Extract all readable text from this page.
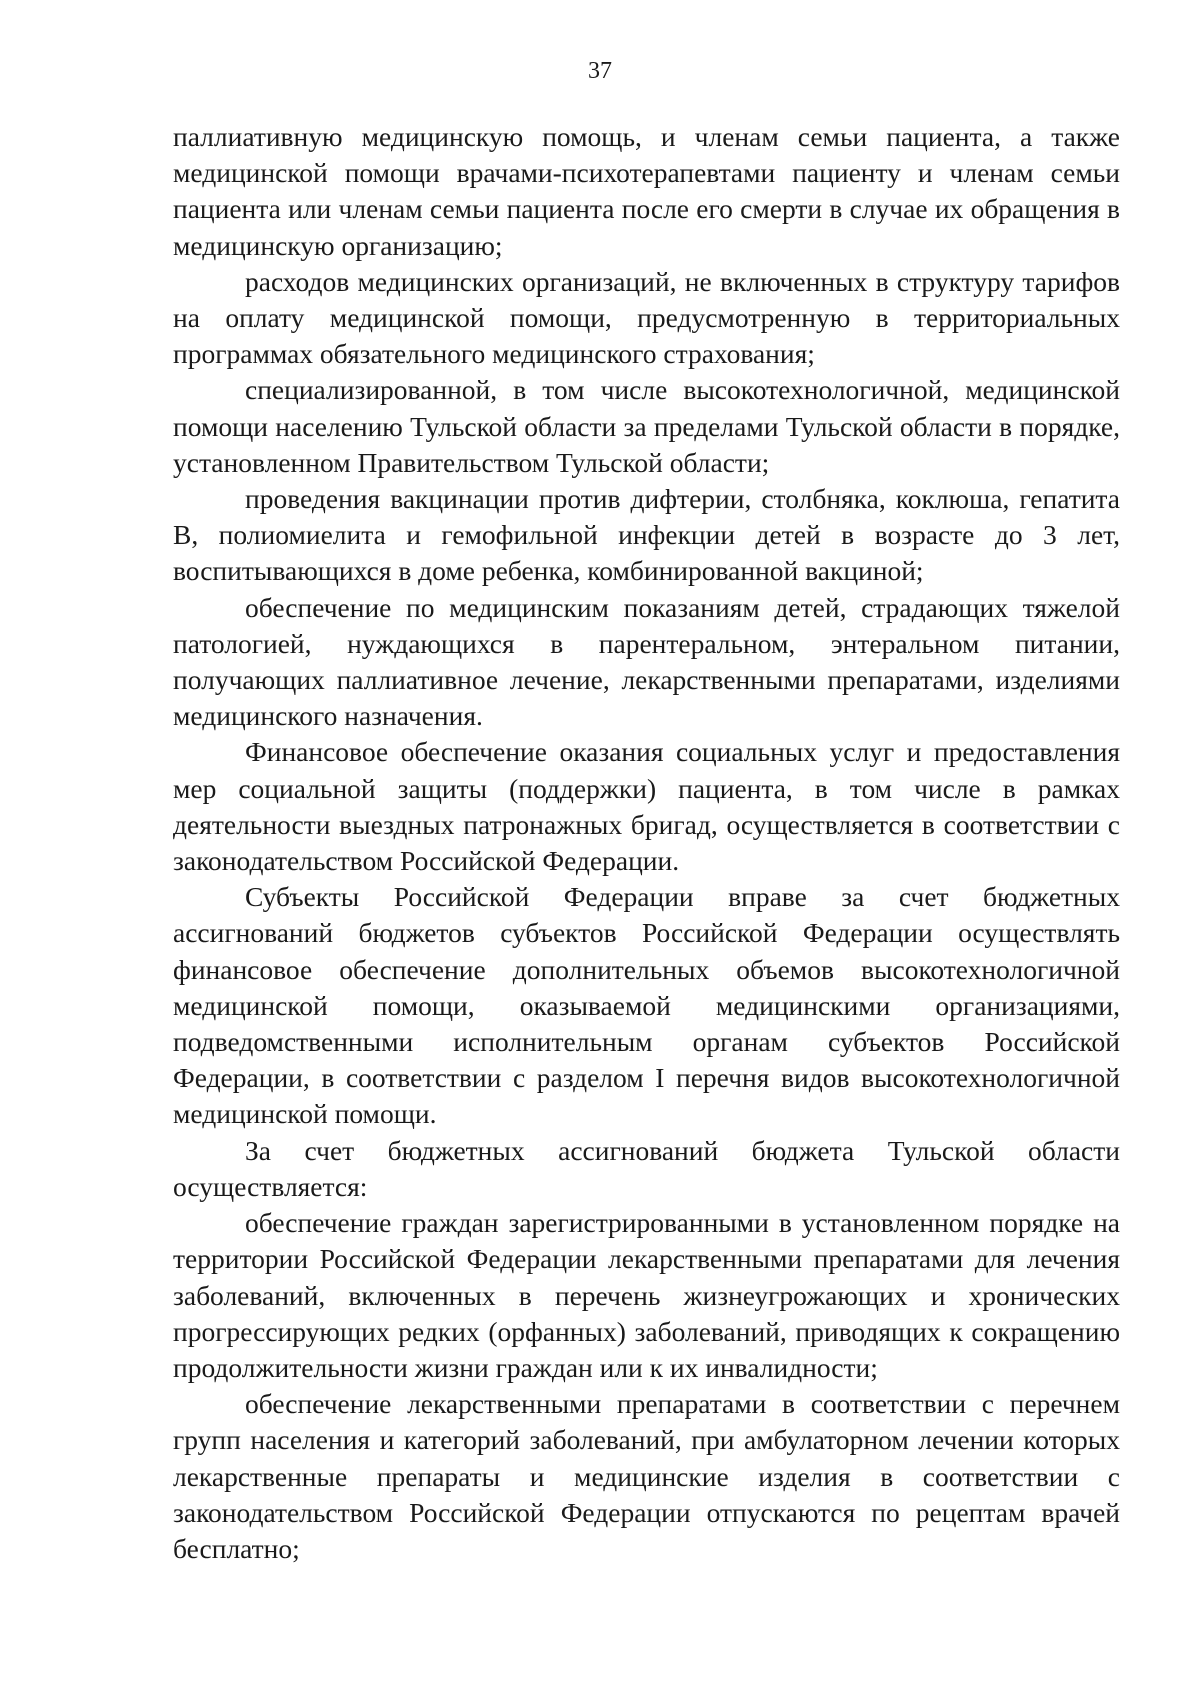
37

паллиативную медицинскую помощь, и членам семьи пациента, а также медицинской помощи врачами-психотерапевтами пациенту и членам семьи пациента или членам семьи пациента после его смерти в случае их обращения в медицинскую организацию;

расходов медицинских организаций, не включенных в структуру тарифов на оплату медицинской помощи, предусмотренную в территориальных программах обязательного медицинского страхования;

специализированной, в том числе высокотехнологичной, медицинской помощи населению Тульской области за пределами Тульской области в порядке, установленном Правительством Тульской области;

проведения вакцинации против дифтерии, столбняка, коклюша, гепатита В, полиомиелита и гемофильной инфекции детей в возрасте до 3 лет, воспитывающихся в доме ребенка, комбинированной вакциной;

обеспечение по медицинским показаниям детей, страдающих тяжелой патологией, нуждающихся в парентеральном, энтеральном питании, получающих паллиативное лечение, лекарственными препаратами, изделиями медицинского назначения.

Финансовое обеспечение оказания социальных услуг и предоставления мер социальной защиты (поддержки) пациента, в том числе в рамках деятельности выездных патронажных бригад, осуществляется в соответствии с законодательством Российской Федерации.

Субъекты Российской Федерации вправе за счет бюджетных ассигнований бюджетов субъектов Российской Федерации осуществлять финансовое обеспечение дополнительных объемов высокотехнологичной медицинской помощи, оказываемой медицинскими организациями, подведомственными исполнительным органам субъектов Российской Федерации, в соответствии с разделом I перечня видов высокотехнологичной медицинской помощи.

За счет бюджетных ассигнований бюджета Тульской области осуществляется:

обеспечение граждан зарегистрированными в установленном порядке на территории Российской Федерации лекарственными препаратами для лечения заболеваний, включенных в перечень жизнеугрожающих и хронических прогрессирующих редких (орфанных) заболеваний, приводящих к сокращению продолжительности жизни граждан или к их инвалидности;

обеспечение лекарственными препаратами в соответствии с перечнем групп населения и категорий заболеваний, при амбулаторном лечении которых лекарственные препараты и медицинские изделия в соответствии с законодательством Российской Федерации отпускаются по рецептам врачей бесплатно;
